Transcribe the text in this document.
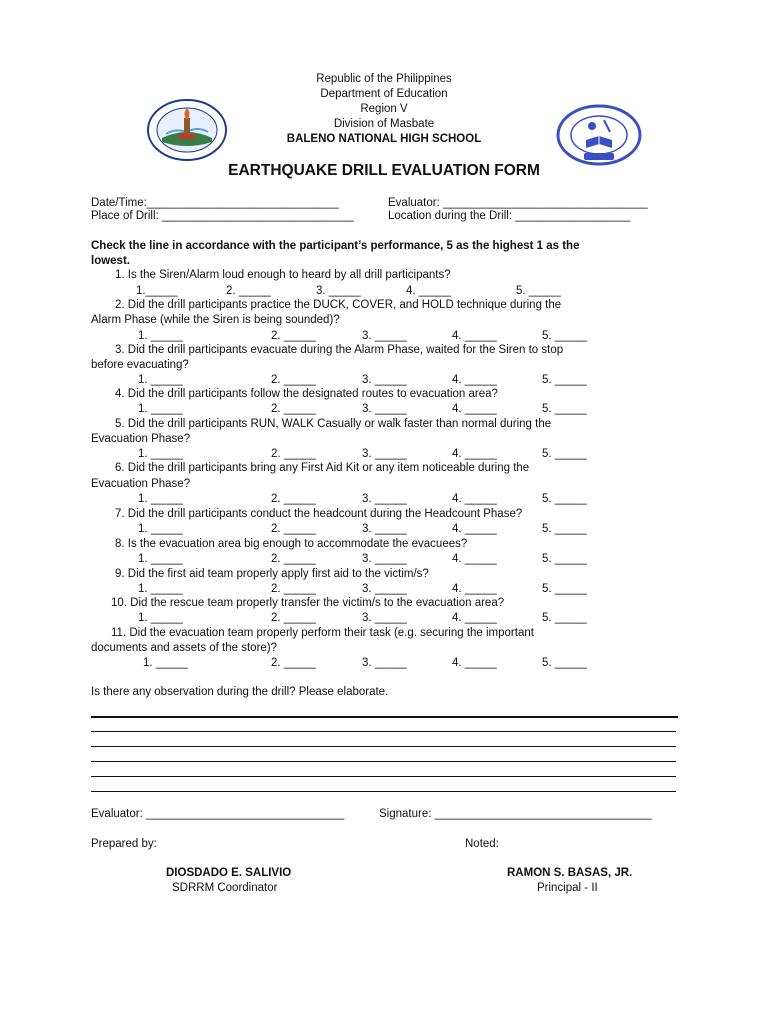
Republic of the Philippines
Department of Education
Region V
Division of Masbate
BALENO NATIONAL HIGH SCHOOL
EARTHQUAKE DRILL EVALUATION FORM
Date/Time:______________________________	Evaluator: ________________________________
Place of Drill: ______________________________	Location during the Drill: __________________
Check the line in accordance with the participant’s performance, 5 as the highest 1 as the
lowest.
1. Is the Siren/Alarm loud enough to heard by all drill participants?
1._____	2. _____	3. _____	4. _____	5. _____
2. Did the drill participants practice the DUCK, COVER, and HOLD technique during the
Alarm Phase (while the Siren is being sounded)?
1. _____	2. _____	3. _____	4. _____	5. _____
3. Did the drill participants evacuate during the Alarm Phase, waited for the Siren to stop
before evacuating?
1. _____	2. _____	3. _____	4. _____	5. _____
4. Did the drill participants follow the designated routes to evacuation area?
1. _____	2. _____	3. _____	4. _____	5. _____
5. Did the drill participants RUN, WALK Casually or walk faster than normal during the
Evacuation Phase?
1. _____	2. _____	3. _____	4. _____	5. _____
6. Did the drill participants bring any First Aid Kit or any item noticeable during the
Evacuation Phase?
1. _____	2. _____	3. _____	4. _____	5. _____
7. Did the drill participants conduct the headcount during the Headcount Phase?
1. _____	2. _____	3. _____	4. _____	5. _____
8. Is the evacuation area big enough to accommodate the evacuees?
1. _____	2. _____	3. _____	4. _____	5. _____
9. Did the first aid team properly apply first aid to the victim/s?
1. _____	2. _____	3. _____	4. _____	5. _____
10. Did the rescue team properly transfer the victim/s to the evacuation area?
1. _____	2. _____	3. _____	4. _____	5. _____
11. Did the evacuation team properly perform their task (e.g. securing the important
documents and assets of the store)?
1. _____	2. _____	3. _____	4. _____	5. _____
Is there any observation during the drill? Please elaborate.
Evaluator: _______________________________	Signature: __________________________________
Prepared by:	Noted:
DIOSDADO E. SALIVIO
SDRRM Coordinator
RAMON S. BASAS, JR.
Principal - II
